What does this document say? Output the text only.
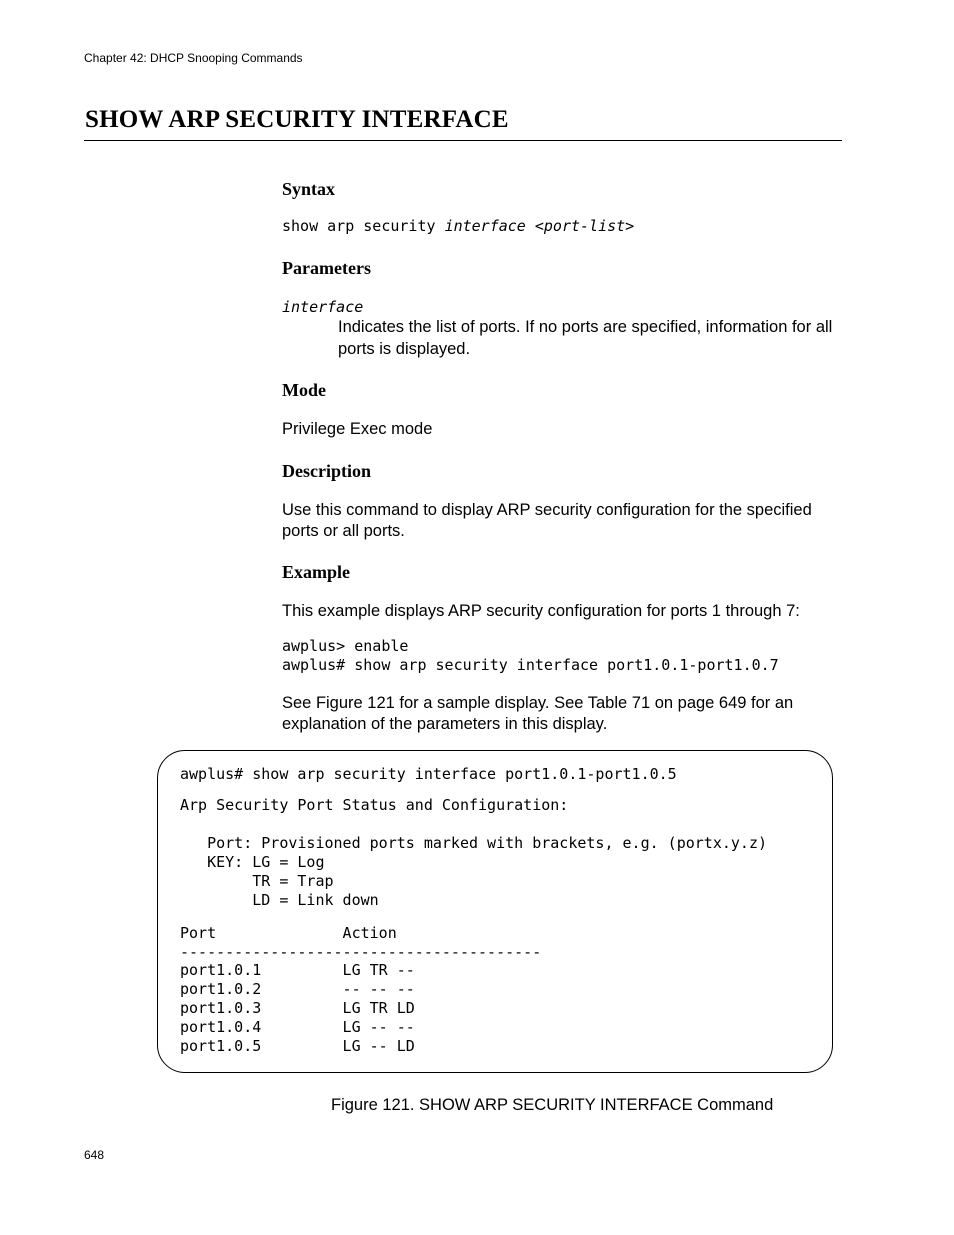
Chapter 42: DHCP Snooping Commands
SHOW ARP SECURITY INTERFACE
Syntax
show arp security interface <port-list>
Parameters
interface
Indicates the list of ports. If no ports are specified, information for all ports is displayed.
Mode
Privilege Exec mode
Description
Use this command to display ARP security configuration for the specified ports or all ports.
Example
This example displays ARP security configuration for ports 1 through 7:
awplus> enable
awplus# show arp security interface port1.0.1-port1.0.7
See Figure 121 for a sample display. See Table 71 on page 649 for an explanation of the parameters in this display.
awplus# show arp security interface port1.0.1-port1.0.5
Arp Security Port Status and Configuration:
Port: Provisioned ports marked with brackets, e.g. (portx.y.z)
KEY: LG = Log
TR = Trap
LD = Link down
Port              Action
----------------------------------------
port1.0.1         LG TR --
port1.0.2         -- -- --
port1.0.3         LG TR LD
port1.0.4         LG -- --
port1.0.5         LG -- LD
Figure 121. SHOW ARP SECURITY INTERFACE Command
648
